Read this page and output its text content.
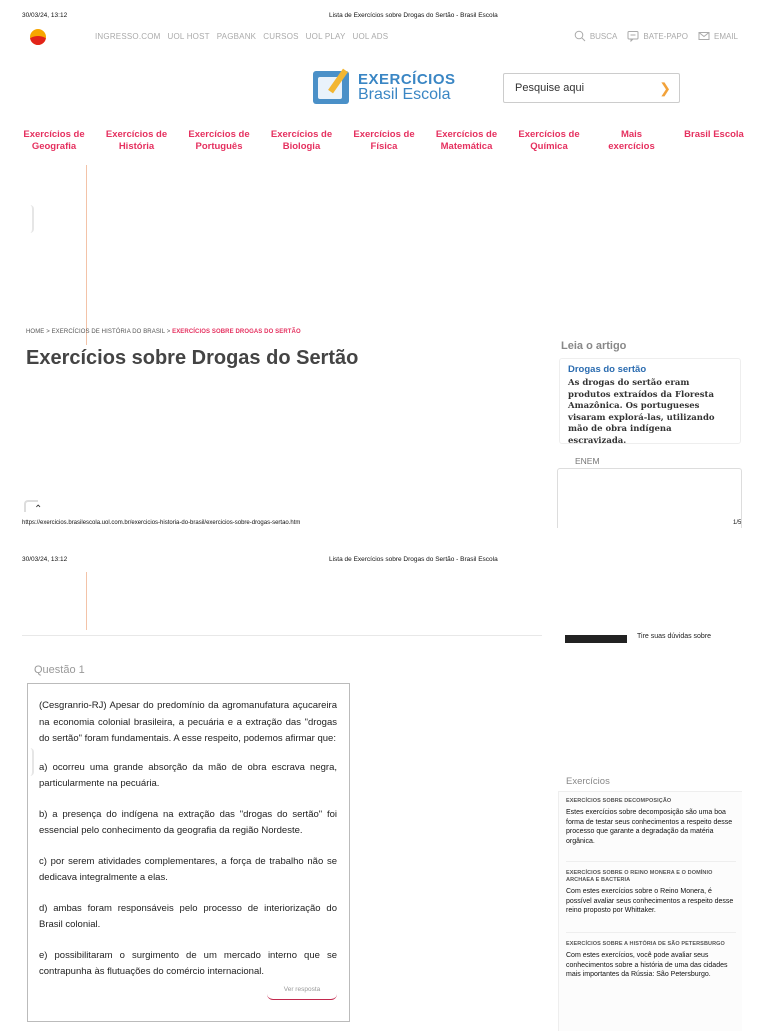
30/03/24, 13:12	Lista de Exercícios sobre Drogas do Sertão - Brasil Escola
INGRESSO.COM UOL HOST PAGBANK CURSOS UOL PLAY UOL ADS	BUSCA	BATE-PAPO	EMAIL
EXERCÍCIOS
Brasil Escola
Pesquise aqui	❯
Exercícios de Geografia
Exercícios de História
Exercícios de Português
Exercícios de Biologia
Exercícios de Física
Exercícios de Matemática
Exercícios de Química
Mais exercícios
Brasil Escola
HOME > EXERCÍCIOS DE HISTÓRIA DO BRASIL > EXERCÍCIOS SOBRE DROGAS DO SERTÃO
Exercícios sobre Drogas do Sertão
Leia o artigo
Drogas do sertão
As drogas do sertão eram produtos extraídos da Floresta Amazônica. Os portugueses visaram explorá-las, utilizando mão de obra indígena escravizada.
ENEM
⌃
https://exercicios.brasilescola.uol.com.br/exercicios-historia-do-brasil/exercicios-sobre-drogas-sertao.htm	1/5
30/03/24, 13:12	Lista de Exercícios sobre Drogas do Sertão - Brasil Escola
Tire suas dúvidas sobre
Questão 1

(Cesgranrio-RJ) Apesar do predomínio da agromanufatura açucareira na economia colonial brasileira, a pecuária e a extração das "drogas do sertão" foram fundamentais. A esse respeito, podemos afirmar que:

a) ocorreu uma grande absorção da mão de obra escrava negra, particularmente na pecuária.

b) a presença do indígena na extração das "drogas do sertão" foi essencial pelo conhecimento da geografia da região Nordeste.

c) por serem atividades complementares, a força de trabalho não se dedicava integralmente a elas.

d) ambas foram responsáveis pelo processo de interiorização do Brasil colonial.

e) possibilitaram o surgimento de um mercado interno que se contrapunha às flutuações do comércio internacional.

Ver resposta
Exercícios
EXERCÍCIOS SOBRE DECOMPOSIÇÃO
Estes exercícios sobre decomposição são uma boa forma de testar seus conhecimentos a respeito desse processo que garante a degradação da matéria orgânica.
EXERCÍCIOS SOBRE O REINO MONERA E O DOMÍNIO ARCHAEA E BACTERIA
Com estes exercícios sobre o Reino Monera, é possível avaliar seus conhecimentos a respeito desse reino proposto por Whittaker.
EXERCÍCIOS SOBRE A HISTÓRIA DE SÃO PETERSBURGO
Com estes exercícios, você pode avaliar seus conhecimentos sobre a história de uma das cidades mais importantes da Rússia: São Petersburgo.
